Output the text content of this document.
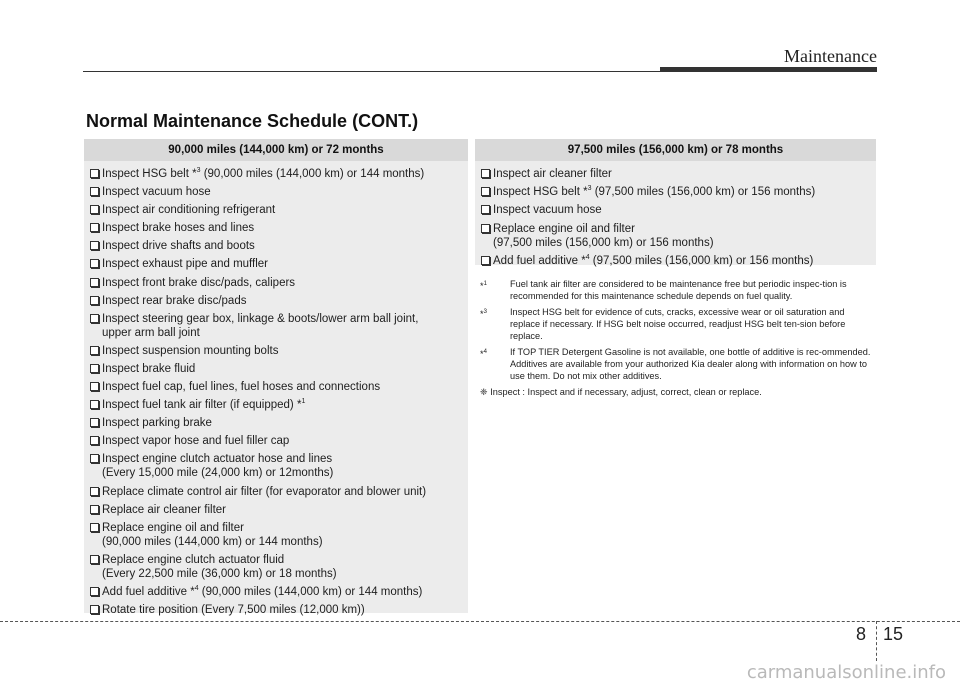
Maintenance
Normal Maintenance Schedule (CONT.)
90,000 miles (144,000 km) or 72 months
Inspect HSG belt *$^3$ (90,000 miles (144,000 km) or 144 months)
Inspect vacuum hose
Inspect air conditioning refrigerant
Inspect brake hoses and lines
Inspect drive shafts and boots
Inspect exhaust pipe and muffler
Inspect front brake disc/pads, calipers
Inspect rear brake disc/pads
Inspect steering gear box, linkage & boots/lower arm ball joint,
upper arm ball joint
Inspect suspension mounting bolts
Inspect brake fluid
Inspect fuel cap, fuel lines, fuel hoses and connections
Inspect fuel tank air filter (if equipped) *$^1$
Inspect parking brake
Inspect vapor hose and fuel filler cap
Inspect engine clutch actuator hose and lines
(Every 15,000 mile (24,000 km) or 12months)
Replace climate control air filter (for evaporator and blower unit)
Replace air cleaner filter
Replace engine oil and filter
(90,000 miles (144,000 km) or 144 months)
Replace engine clutch actuator fluid
(Every 22,500 mile (36,000 km) or 18 months)
Add fuel additive *$^4$ (90,000 miles (144,000 km) or 144 months)
Rotate tire position (Every 7,500 miles (12,000 km))
97,500 miles (156,000 km) or 78 months
Inspect air cleaner filter
Inspect HSG belt *$^3$ (97,500 miles (156,000 km) or 156 months)
Inspect vacuum hose
Replace engine oil and filter
(97,500 miles (156,000 km) or 156 months)
Add fuel additive *$^4$ (97,500 miles (156,000 km) or 156 months)
*$^1$	Fuel tank air filter are considered to be maintenance free but periodic inspec-tion is recommended for this maintenance schedule depends on fuel quality.
*$^3$	Inspect HSG belt for evidence of cuts, cracks, excessive wear or oil saturation and replace if necessary. If HSG belt noise occurred, readjust HSG belt ten-sion before replace.
*$^4$	If TOP TIER Detergent Gasoline is not available, one bottle of additive is rec-ommended. Additives are available from your authorized Kia dealer along with information on how to use them. Do not mix other additives.
❈ Inspect : Inspect and if necessary, adjust, correct, clean or replace.
8 15
carmanualsonline.info
